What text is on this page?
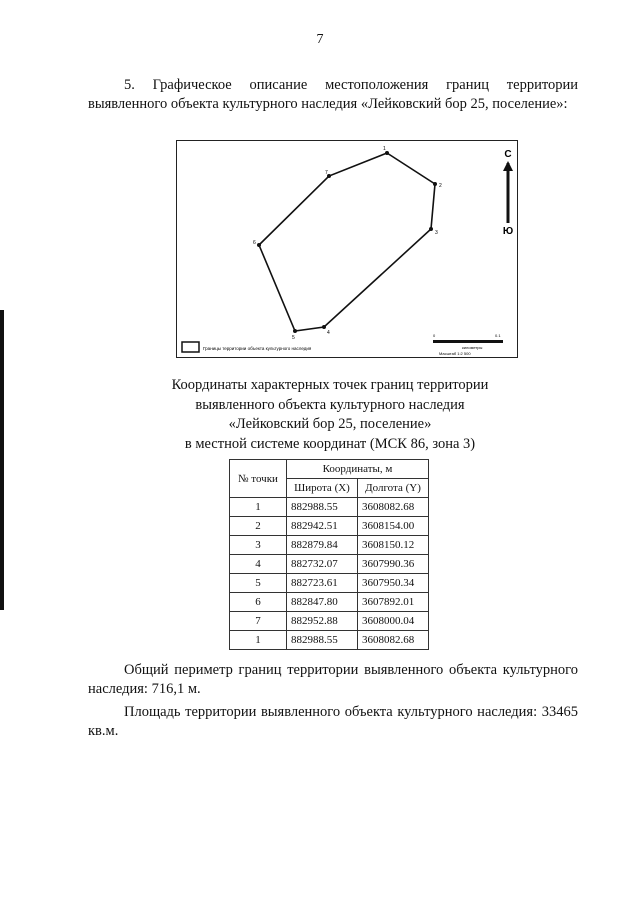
7
5. Графическое описание местоположения границ территории выявленного объекта культурного наследия «Лейковский бор 25, поселение»:
1
2
3
4
5
6
7
С
Ю
Границы территории объекта культурного наследия
0	0.1
километры
Масштаб 1:2 500
Координаты характерных точек границ территории
выявленного объекта культурного наследия
«Лейковский бор 25, поселение»
в местной системе координат (МСК 86, зона 3)
№ точки	Координаты, м	
	Широта (X)	Долгота (Y)
1	882988.55	3608082.68
2	882942.51	3608154.00
3	882879.84	3608150.12
4	882732.07	3607990.36
5	882723.61	3607950.34
6	882847.80	3607892.01
7	882952.88	3608000.04
1	882988.55	3608082.68
Общий периметр границ территории выявленного объекта культурного наследия: 716,1 м.
Площадь территории выявленного объекта культурного наследия: 33465 кв.м.
